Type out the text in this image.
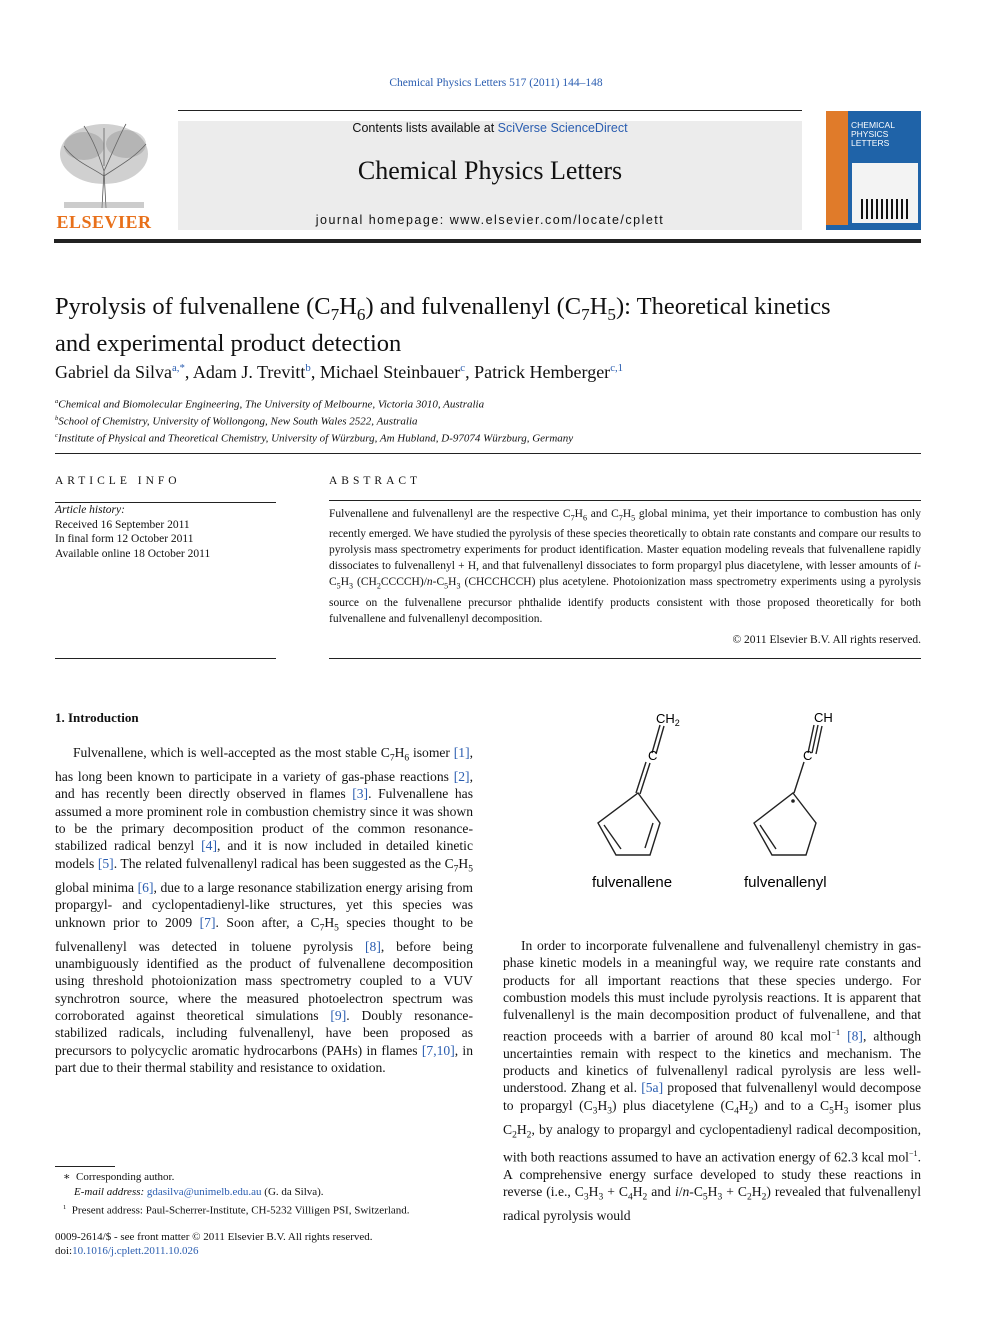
Chemical Physics Letters 517 (2011) 144–148
ELSEVIER
Contents lists available at SciVerse ScienceDirect
Chemical Physics Letters
journal homepage: www.elsevier.com/locate/cplett
CHEMICAL
PHYSICS
LETTERS
Pyrolysis of fulvenallene $(C_7H_6)$ and fulvenallenyl $(C_7H_5)$: Theoretical kinetics
and experimental product detection
Gabriel da Silva$^{a,*}$, Adam J. Trevitt$^b$, Michael Steinbauer$^c$, Patrick Hemberger$^{c,1}$
$^a$Chemical and Biomolecular Engineering, The University of Melbourne, Victoria 3010, Australia
$^b$School of Chemistry, University of Wollongong, New South Wales 2522, Australia
$^c$Institute of Physical and Theoretical Chemistry, University of Würzburg, Am Hubland, D-97074 Würzburg, Germany
ARTICLE INFO	ABSTRACT
Article history:
Received 16 September 2011
In final form 12 October 2011
Available online 18 October 2011
Fulvenallene and fulvenallenyl are the respective $C_7H_6$ and $C_7H_5$ global minima, yet their importance to combustion has only recently emerged. We have studied the pyrolysis of these species theoretically to obtain rate constants and compare our results to pyrolysis mass spectrometry experiments for product identification. Master equation modeling reveals that fulvenallene rapidly dissociates to fulvenallenyl + H, and that fulvenallenyl dissociates to form propargyl plus diacetylene, with lesser amounts of $i-C_5H_3$ $(CH_2CCCCH)/n-C_5H_3$ (CHCCHCCH) plus acetylene. Photoionization mass spectrometry experiments using a pyrolysis source on the fulvenallene precursor phthalide identify products consistent with those proposed theoretically for both fulvenallene and fulvenallenyl decomposition.
© 2011 Elsevier B.V. All rights reserved.
1. Introduction
Fulvenallene, which is well-accepted as the most stable $C_7H_6$ isomer [1], has long been known to participate in a variety of gas-phase reactions [2], and has recently been directly observed in flames [3]. Fulvenallene has assumed a more prominent role in combustion chemistry since it was shown to be the primary decomposition product of the common resonance-stabilized radical benzyl [4], and it is now included in detailed kinetic models [5]. The related fulvenallenyl radical has been suggested as the $C_7H_5$ global minima [6], due to a large resonance stabilization energy arising from propargyl- and cyclopentadienyl-like structures, yet this species was unknown prior to 2009 [7]. Soon after, a $C_7H_5$ species thought to be fulvenallenyl was detected in toluene pyrolysis [8], before being unambiguously identified as the product of fulvenallene decomposition using threshold photoionization mass spectrometry coupled to a VUV synchrotron source, where the measured photoelectron spectrum was corroborated against theoretical simulations [9]. Doubly resonance-stabilized radicals, including fulvenallenyl, have been proposed as precursors to polycyclic aromatic hydrocarbons (PAHs) in flames [7,10], in part due to their thermal stability and resistance to oxidation.
C
$CH_2$
fulvenallene
C
CH
fulvenallenyl
In order to incorporate fulvenallene and fulvenallenyl chemistry in gas-phase kinetic models in a meaningful way, we require rate constants and products for all important reactions that these species undergo. For combustion models this must include pyrolysis reactions. It is apparent that fulvenallenyl is the main decomposition product of fulvenallene, and that reaction proceeds with a barrier of around 80 kcal mol$^{-1}$ [8], although uncertainties remain with respect to the kinetics and mechanism. The products and kinetics of fulvenallenyl radical pyrolysis are less well-understood. Zhang et al. [5a] proposed that fulvenallenyl would decompose to propargyl $(C_3H_3)$ plus diacetylene $(C_4H_2)$ and to a $C_5H_3$ isomer plus $C_2H_2$, by analogy to propargyl and cyclopentadienyl radical decomposition, with both reactions assumed to have an activation energy of 62.3 kcal mol$^{-1}$. A comprehensive energy surface developed to study these reactions in reverse (i.e., $C_3H_3 + C_4H_2$ and $i/n-C_5H_3 + C_2H_2$) revealed that fulvenallenyl radical pyrolysis would
∗  Corresponding author.
E-mail address: gdasilva@unimelb.edu.au (G. da Silva).
$^1$ Present address: Paul-Scherrer-Institute, CH-5232 Villigen PSI, Switzerland.
0009-2614/$ - see front matter © 2011 Elsevier B.V. All rights reserved.
doi:10.1016/j.cplett.2011.10.026
